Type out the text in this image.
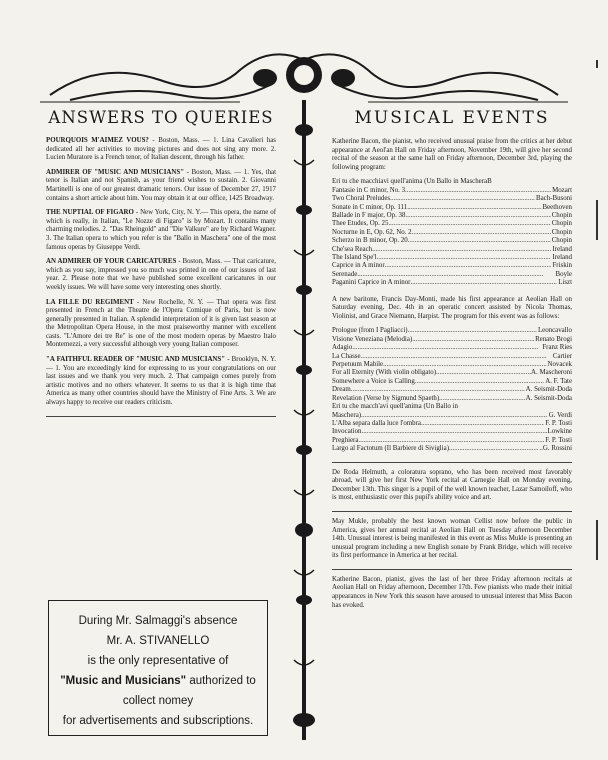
ANSWERS TO QUERIES

POURQUOIS M'AIMEZ VOUS? - Boston, Mass. — 1. Lina Cavalieri has dedicated all her activities to moving pictures and does not sing any more. 2. Lucien Muratore is a French tenor, of Italian descent, through his father.

ADMIRER OF "MUSIC AND MUSICIANS" - Boston, Mass. — 1. Yes, that tenor is Italian and not Spanish, as your friend wishes to sustain. 2. Giovanni Martinelli is one of our greatest dramatic tenors. Our issue of December 27, 1917 contains a short article about him. You may obtain it at our office, 1425 Broadway.

THE NUPTIAL OF FIGARO - New York, City, N. Y.— This opera, the name of which is really, in Italian, "Le Nozze di Figaro" is by Mozart. It contains many charming melodies. 2. "Das Rheingold" and "Die Valkure" are by Richard Wagner. 3. The Italian opera to which you refer is the "Ballo in Maschera" one of the most famous operas by Giuseppe Verdi.

AN ADMIRER OF YOUR CARICATURES - Boston, Mass. — That caricature, which as you say, impressed you so much was printed in one of our issues of last year. 2. Please note that we have published some excellent caricatures in our weekly issues. We will have some very interesting ones shortly.

LA FILLE DU REGIMENT - New Rochelle, N. Y. — That opera was first presented in French at the Theatre de l'Opera Comique of Paris, but is now generally presented in Italian. A splendid interpretation of it is given last season at the Metropolitan Opera House, in the most praiseworthy manner with excellent casts. "L'Amore dei tre Re" is one of the most modern operas by Maestro Italo Montemezzi, a very successful although very young Italian composer.

"A FAITHFUL READER OF "MUSIC AND MUSICIANS" - Brooklyn, N. Y. — 1. You are exceedingly kind for expressing to us your congratulations on our last issues and we thank you very much. 2. That campaign comes purely from artistic motives and no others whatever. It seems to us that it is high time that America as many other countries should have the Ministry of Fine Arts. 3. We are always happy to receive our readers criticism.

During Mr. Salmaggi's absence
Mr. A. STIVANELLO
is the only representative of
"Music and Musicians" authorized to collect nomey
for advertisements and subscriptions.
MUSICAL EVENTS

Katherine Bacon, the pianist, who received unusual praise from the critics at her debut appearance at Aeol'an Hall on Friday afternoon, November 19th, will give her second recital of the season at the same hall on Friday afternoon, December 3rd, playing the following program:

Eri tu che macchiavi quell'anima (Un Ballo in MascheraB
Fantasie in C minor, No. 3 .....	Mozart
Two Choral Preludes .....	Bach-Busoni
Sonate in C minor, Op. 111 .....	Beethoven
Ballade in F major, Op. 38 .....	Chopin
Thee Etudes, Op. 25 .....	Chopin
Nocturne in E, Op. 62, No. 2 .....	Chopin
Scherzo in B minor, Op. 20 .....	Chopin
Che'sea Reach .....	Ireland
The Island Spe'l .....	Ireland
Caprice in A minor .....	Friskin
Serenade .....	Boyle
Paganini Caprice in A minor .....	Liszt

A new baritone, Francis Day-Monti, made his first appearance at Aeolian Hall on Saturday evening, Dec. 4th in an operatic concert assisted by Nicola Thomas, Violinist, and Grace Niemann, Harpist. The program for this event was as follows:

Prologue (from I Pagliacci) .....	Leoncavallo
Visione Veneziana (Melodia) .....	Renato Brogi
Adagio .....	Franz Ries
La Chasse .....	Cartier
Perpetuum Mabile .....	Novacek
For all Eternity (With violin obligato) .....	..A. Mascheroni
Somewhere a Voice is Calling .....	A. F. Tate
Dream .....	A. Seismit-Doda
Revelation (Verse by Sigmund Spaeth) .....	A. Seismit-Doda
Eri tu che macch'avi quell'anima (Un Ballo in
Maschera) .....	G. Verdi
L'Alba separa dalla luce l'ombra .....	F. P. Tosti
Invocation .....	Lowkine
Preghiera .....	F. P. Tosti
Largo al Factotum (Il Barbiere di Siviglia) .....	..G. Rossini

De Roda Helmuth, a coloratura soprano, who has been received most favorably abroad, will give her first New York recital at Carnegie Hall on Monday evening, December 13th. This singer is a pupil of the well known teacher, Lazar Samoiloff, who is most, enthusiastic over this pupil's ability voice and art.

May Mukle, probably the best known woman Cellist now before the public in America, gives her annual recital at Aeolian Hall on Tuesday afternoon December 14th. Unusual interest is being manifested in this event as Miss Mukle is presenting an unusual program including a new English sonate by Frank Bridge, which will receive its first performance in America at her recital.

Katherine Bacon, pianist, gives the last of her three Friday afternoon recitals at Aeolian Hall on Friday afternoon, December 17th. Few pianists who made their initial appearances in New York this season have aroused to unusual interest that Miss Bacon has evoked.
